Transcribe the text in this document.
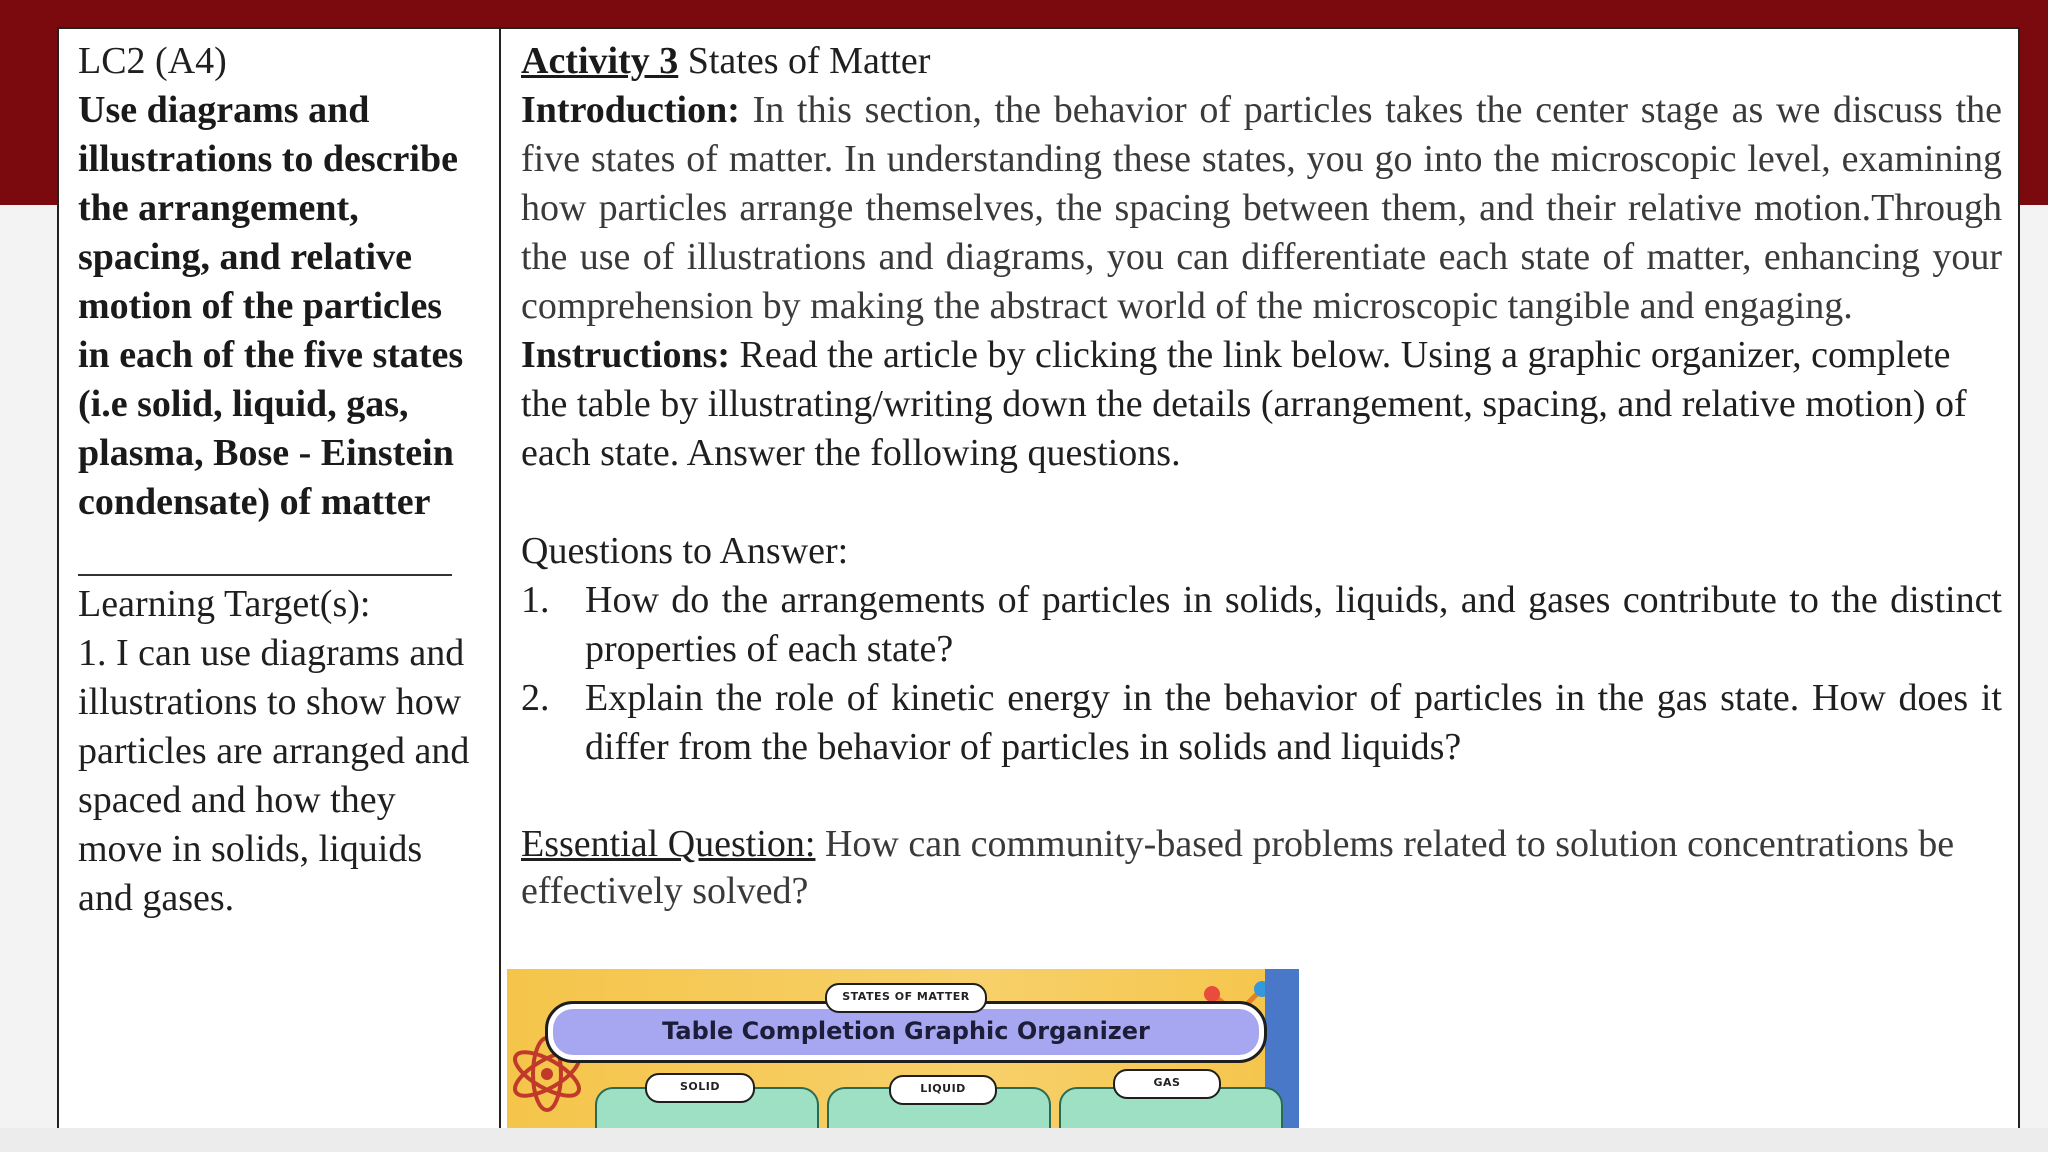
LC2 (A4)
Use diagrams and illustrations to describe the arrangement, spacing, and relative motion of the particles in each of the five states (i.e solid, liquid, gas, plasma, Bose - Einstein condensate) of matter
Learning Target(s):
1. I can use diagrams and illustrations to show how particles are arranged and spaced and how they move in solids, liquids and gases.
Activity 3 States of Matter
Introduction: In this section, the behavior of particles takes the center stage as we discuss the five states of matter. In understanding these states, you go into the microscopic level, examining how particles arrange themselves, the spacing between them, and their relative motion.Through the use of illustrations and diagrams, you can differentiate each state of matter, enhancing your comprehension by making the abstract world of the microscopic tangible and engaging.
Instructions: Read the article by clicking the link below. Using a graphic organizer, complete the table by illustrating/writing down the details (arrangement, spacing, and relative motion) of each state. Answer the following questions.
Questions to Answer:
1. How do the arrangements of particles in solids, liquids, and gases contribute to the distinct properties of each state?
2. Explain the role of kinetic energy in the behavior of particles in the gas state. How does it differ from the behavior of particles in solids and liquids?
Essential Question: How can community-based problems related to solution concentrations be effectively solved?
Table Completion Graphic Organizer
STATES OF MATTER
SOLID	LIQUID	GAS
